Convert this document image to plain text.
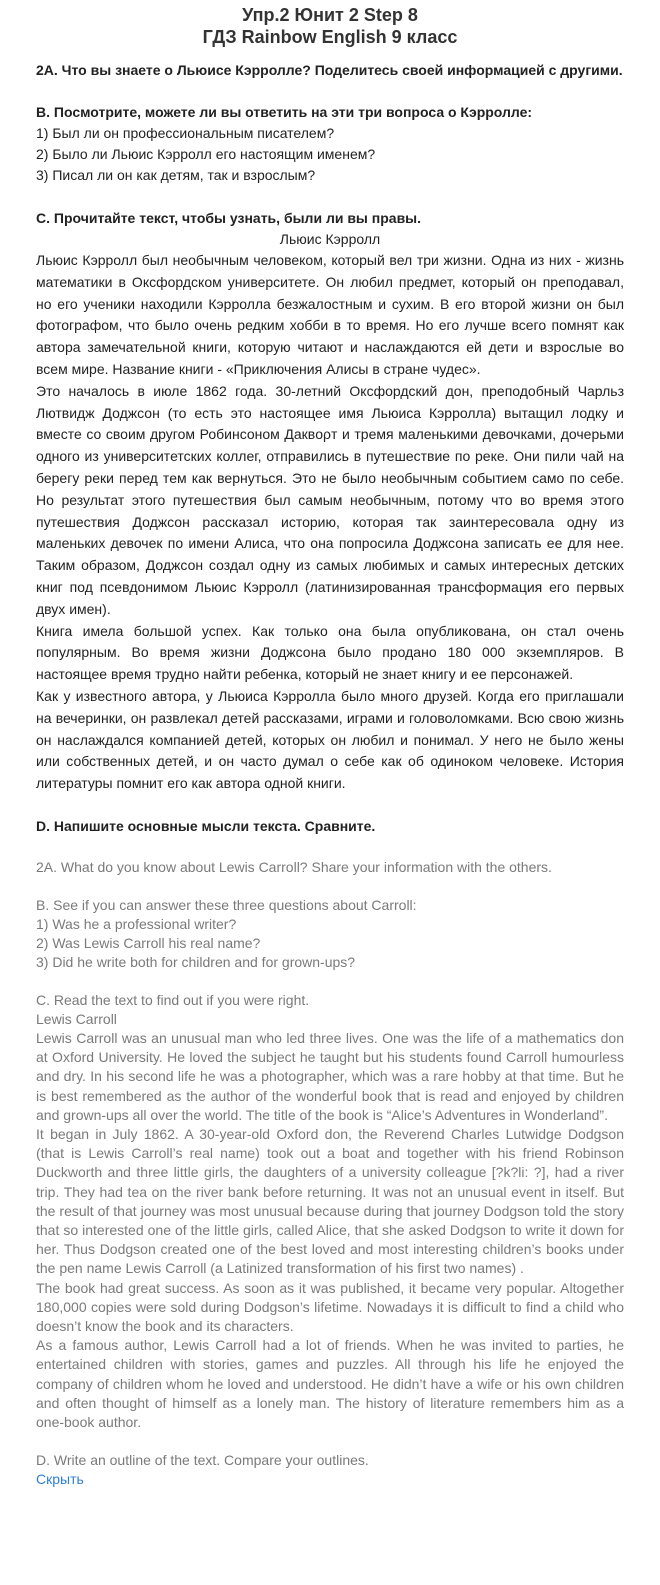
Упр.2 Юнит 2 Step 8
ГДЗ Rainbow English 9 класс
2A. Что вы знаете о Льюисе Кэрролле? Поделитесь своей информацией с другими.
B. Посмотрите, можете ли вы ответить на эти три вопроса о Кэрролле:
1) Был ли он профессиональным писателем?
2) Было ли Льюис Кэрролл его настоящим именем?
3) Писал ли он как детям, так и взрослым?
C. Прочитайте текст, чтобы узнать, были ли вы правы.
Льюис Кэрролл

Льюис Кэрролл был необычным человеком, который вел три жизни. Одна из них - жизнь математики в Оксфордском университете. Он любил предмет, который он преподавал, но его ученики находили Кэрролла безжалостным и сухим. В его второй жизни он был фотографом, что было очень редким хобби в то время. Но его лучше всего помнят как автора замечательной книги, которую читают и наслаждаются ей дети и взрослые во всем мире. Название книги - «Приключения Алисы в стране чудес».

Это началось в июле 1862 года. 30-летний Оксфордский дон, преподобный Чарльз Лютвидж Доджсон (то есть это настоящее имя Льюиса Кэрролла) вытащил лодку и вместе со своим другом Робинсоном Даквορт и тремя маленькими девочками, дочерьми одного из университетских коллег, отправились в путешествие по реке. Они пили чай на берегу реки перед тем как вернуться. Это не было необычным событием само по себе. Но результат этого путешествия был самым необычным, потому что во время этого путешествия Доджсон рассказал историю, которая так заинтересовала одну из маленьких девочек по имени Алиса, что она попросила Доджсона записать ее для нее. Таким образом, Доджсон создал одну из самых любимых и самых интересных детских книг под псевдонимом Льюис Кэрролл (латинизированная трансформация его первых двух имен).

Книга имела большой успех. Как только она была опубликована, он стал очень популярным. Во время жизни Доджсона было продано 180 000 экземпляров. В настоящее время трудно найти ребенка, который не знает книгу и ее персонажей.

Как у известного автора, у Льюиса Кэрролла было много друзей. Когда его приглашали на вечеринки, он развлекал детей рассказами, играми и головоломками. Всю свою жизнь он наслаждался компанией детей, которых он любил и понимал. У него не было жены или собственных детей, и он часто думал о себе как об одиноком человеке. История литературы помнит его как автора одной книги.

D. Напишите основные мысли текста. Сравните.
2A. What do you know about Lewis Carroll? Share your information with the others.
B. See if you can answer these three questions about Carroll:
1) Was he a professional writer?
2) Was Lewis Carroll his real name?
3) Did he write both for children and for grown-ups?
C. Read the text to find out if you were right.
Lewis Carroll

Lewis Carroll was an unusual man who led three lives. One was the life of a mathematics don at Oxford University. He loved the subject he taught but his students found Carroll humourless and dry. In his second life he was a photographer, which was a rare hobby at that time. But he is best remembered as the author of the wonderful book that is read and enjoyed by children and grown-ups all over the world. The title of the book is “Alice’s Adventures in Wonderland”.

It began in July 1862. A 30-year-old Oxford don, the Reverend Charles Lutwidge Dodgson (that is Lewis Carroll’s real name) took out a boat and together with his friend Robinson Duckworth and three little girls, the daughters of a university colleague [?k?li: ?], had a river trip. They had tea on the river bank before returning. It was not an unusual event in itself. But the result of that journey was most unusual because during that journey Dodgson told the story that so interested one of the little girls, called Alice, that she asked Dodgson to write it down for her. Thus Dodgson created one of the best loved and most interesting children’s books under the pen name Lewis Carroll (a Latinized transformation of his first two names) .

The book had great success. As soon as it was published, it became very popular. Altogether 180,000 copies were sold during Dodgson’s lifetime. Nowadays it is difficult to find a child who doesn’t know the book and its characters.

As a famous author, Lewis Carroll had a lot of friends. When he was invited to parties, he entertained children with stories, games and puzzles. All through his life he enjoyed the company of children whom he loved and understood. He didn’t have a wife or his own children and often thought of himself as a lonely man. The history of literature remembers him as a one-book author.

D. Write an outline of the text. Compare your outlines.
Скрыть
